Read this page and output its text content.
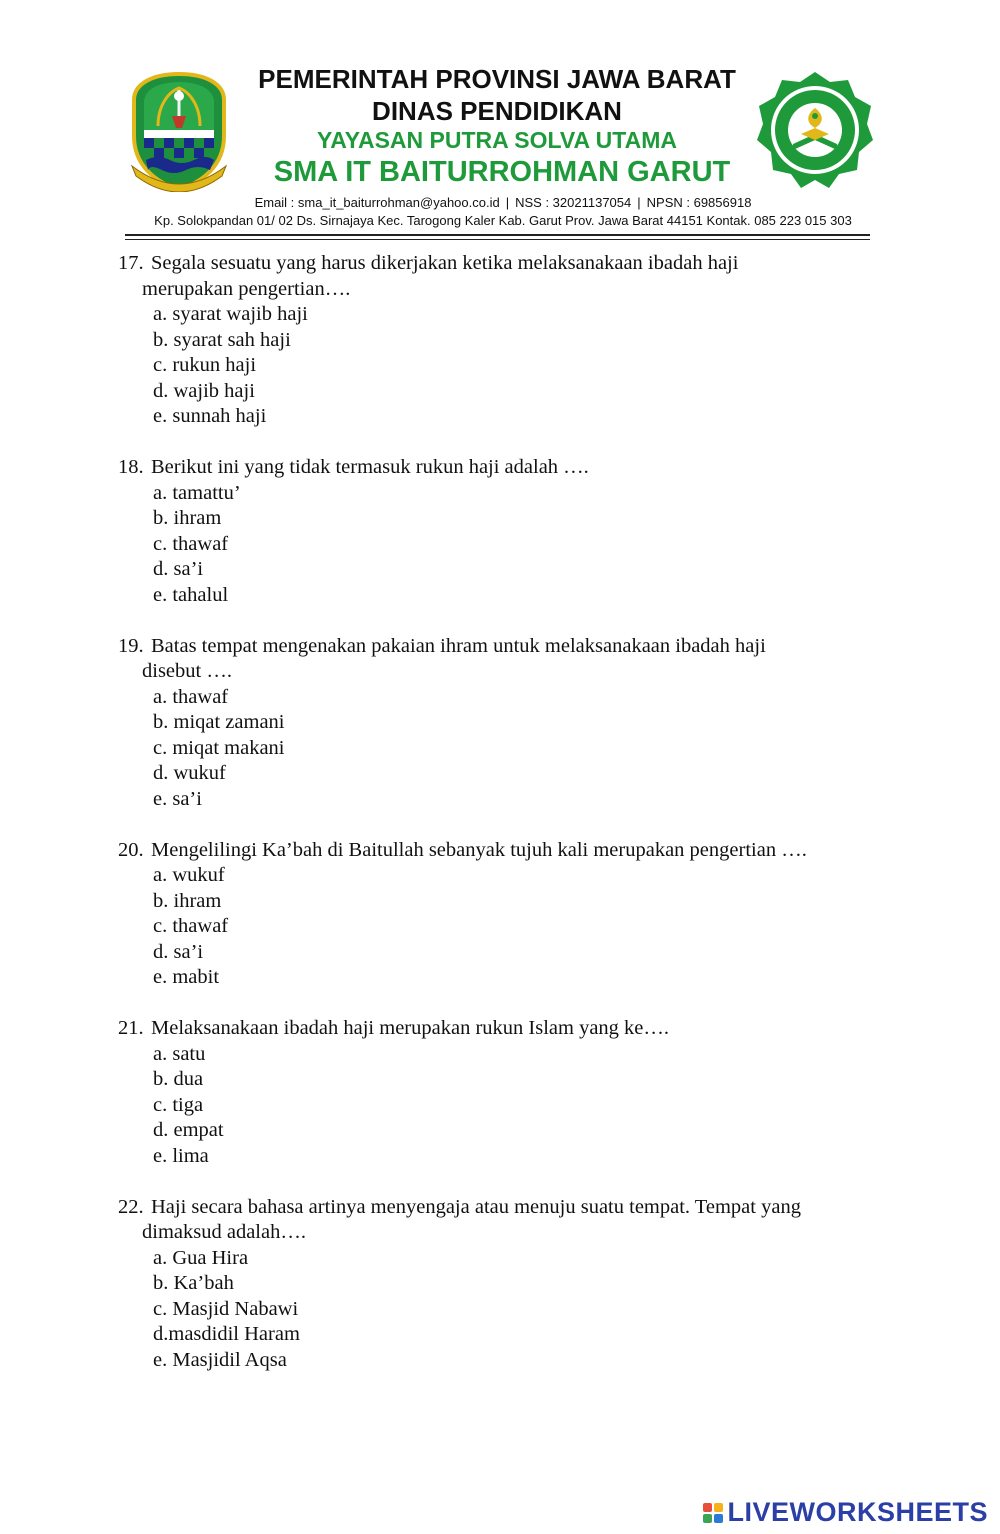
PEMERINTAH PROVINSI JAWA BARAT
DINAS PENDIDIKAN
YAYASAN PUTRA SOLVA UTAMA
SMA IT BAITURROHMAN GARUT
Email : sma_it_baiturrohman@yahoo.co.id | NSS : 32021137054 | NPSN : 69856918
Kp. Solokpandan 01/ 02 Ds. Sirnajaya Kec. Tarogong Kaler Kab. Garut Prov. Jawa Barat 44151 Kontak. 085 223 015 303
17. Segala sesuatu yang harus dikerjakan ketika melaksanakaan ibadah haji
merupakan pengertian….
a. syarat wajib haji
b. syarat sah haji
c. rukun haji
d. wajib haji
e. sunnah haji
18. Berikut ini yang tidak termasuk rukun haji adalah ….
a. tamattu’
b. ihram
c. thawaf
d. sa’i
e. tahalul
19. Batas tempat mengenakan pakaian ihram untuk melaksanakaan ibadah haji
disebut ….
a. thawaf
b. miqat zamani
c. miqat makani
d. wukuf
e. sa’i
20. Mengelilingi Ka’bah di Baitullah sebanyak tujuh kali merupakan pengertian ….
a. wukuf
b. ihram
c. thawaf
d. sa’i
e. mabit
21. Melaksanakaan ibadah haji merupakan rukun Islam yang ke….
a. satu
b. dua
c. tiga
d. empat
e. lima
22. Haji secara bahasa artinya menyengaja atau menuju suatu tempat. Tempat yang
dimaksud adalah….
a. Gua Hira
b. Ka’bah
c. Masjid Nabawi
d.masdidil Haram
e. Masjidil Aqsa
LIVEWORKSHEETS
